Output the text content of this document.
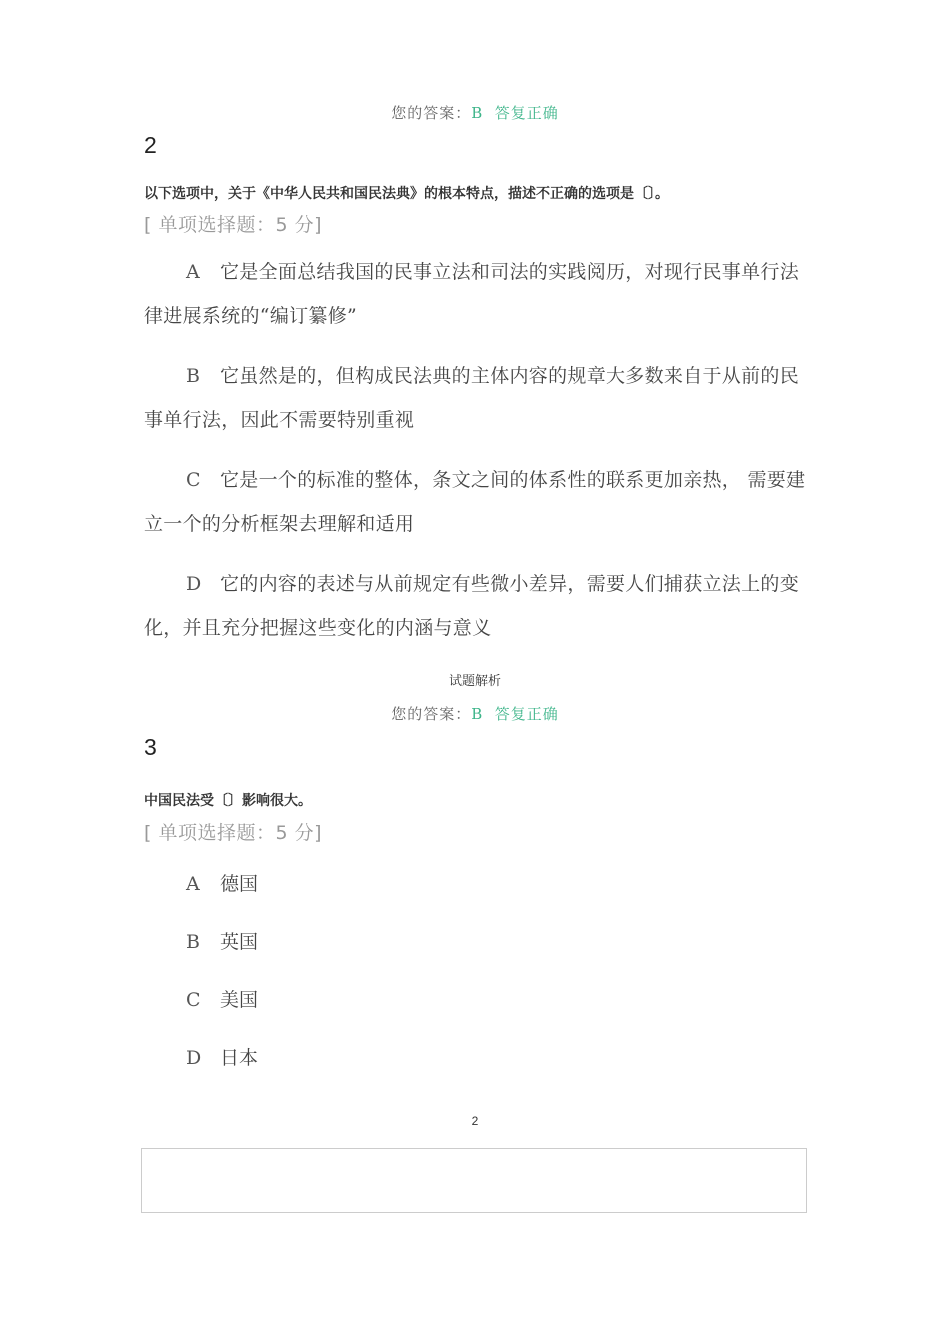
您的答案：B 答复正确
2
以下选项中，关于《中华人民共和国民法典》的根本特点，描述不正确的选项是〔〕。
[ 单项选择题：5 分]
A 它是全面总结我国的民事立法和司法的实践阅历，对现行民事单行法律进展系统的“编订纂修”
B 它虽然是的，但构成民法典的主体内容的规章大多数来自于从前的民事单行法，因此不需要特别重视
C 它是一个的标准的整体，条文之间的体系性的联系更加亲热， 需要建立一个的分析框架去理解和适用
D 它的内容的表述与从前规定有些微小差异，需要人们捕获立法上的变化，并且充分把握这些变化的内涵与意义
试题解析
您的答案：B 答复正确
3
中国民法受〔〕影响很大。
[ 单项选择题：5 分]
A 德国
B 英国
C 美国
D 日本
2
